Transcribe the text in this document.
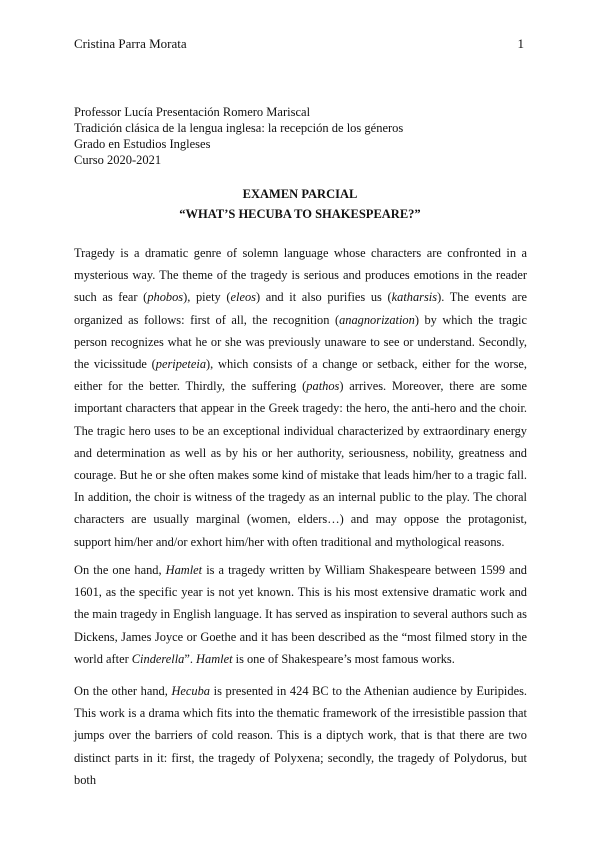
Cristina Parra Morata	1
Professor Lucía Presentación Romero Mariscal
Tradición clásica de la lengua inglesa: la recepción de los géneros
Grado en Estudios Ingleses
Curso 2020-2021
EXAMEN PARCIAL
“WHAT’S HECUBA TO SHAKESPEARE?”

Tragedy is a dramatic genre of solemn language whose characters are confronted in a mysterious way. The theme of the tragedy is serious and produces emotions in the reader such as fear (phobos), piety (eleos) and it also purifies us (katharsis). The events are organized as follows: first of all, the recognition (anagnorization) by which the tragic person recognizes what he or she was previously unaware to see or understand. Secondly, the vicissitude (peripeteia), which consists of a change or setback, either for the worse, either for the better. Thirdly, the suffering (pathos) arrives. Moreover, there are some important characters that appear in the Greek tragedy: the hero, the anti-hero and the choir. The tragic hero uses to be an exceptional individual characterized by extraordinary energy and determination as well as by his or her authority, seriousness, nobility, greatness and courage. But he or she often makes some kind of mistake that leads him/her to a tragic fall. In addition, the choir is witness of the tragedy as an internal public to the play. The choral characters are usually marginal (women, elders…) and may oppose the protagonist, support him/her and/or exhort him/her with often traditional and mythological reasons.

On the one hand, Hamlet is a tragedy written by William Shakespeare between 1599 and 1601, as the specific year is not yet known. This is his most extensive dramatic work and the main tragedy in English language. It has served as inspiration to several authors such as Dickens, James Joyce or Goethe and it has been described as the “most filmed story in the world after Cinderella”. Hamlet is one of Shakespeare’s most famous works.

On the other hand, Hecuba is presented in 424 BC to the Athenian audience by Euripides. This work is a drama which fits into the thematic framework of the irresistible passion that jumps over the barriers of cold reason. This is a diptych work, that is that there are two distinct parts in it: first, the tragedy of Polyxena; secondly, the tragedy of Polydorus, but both
